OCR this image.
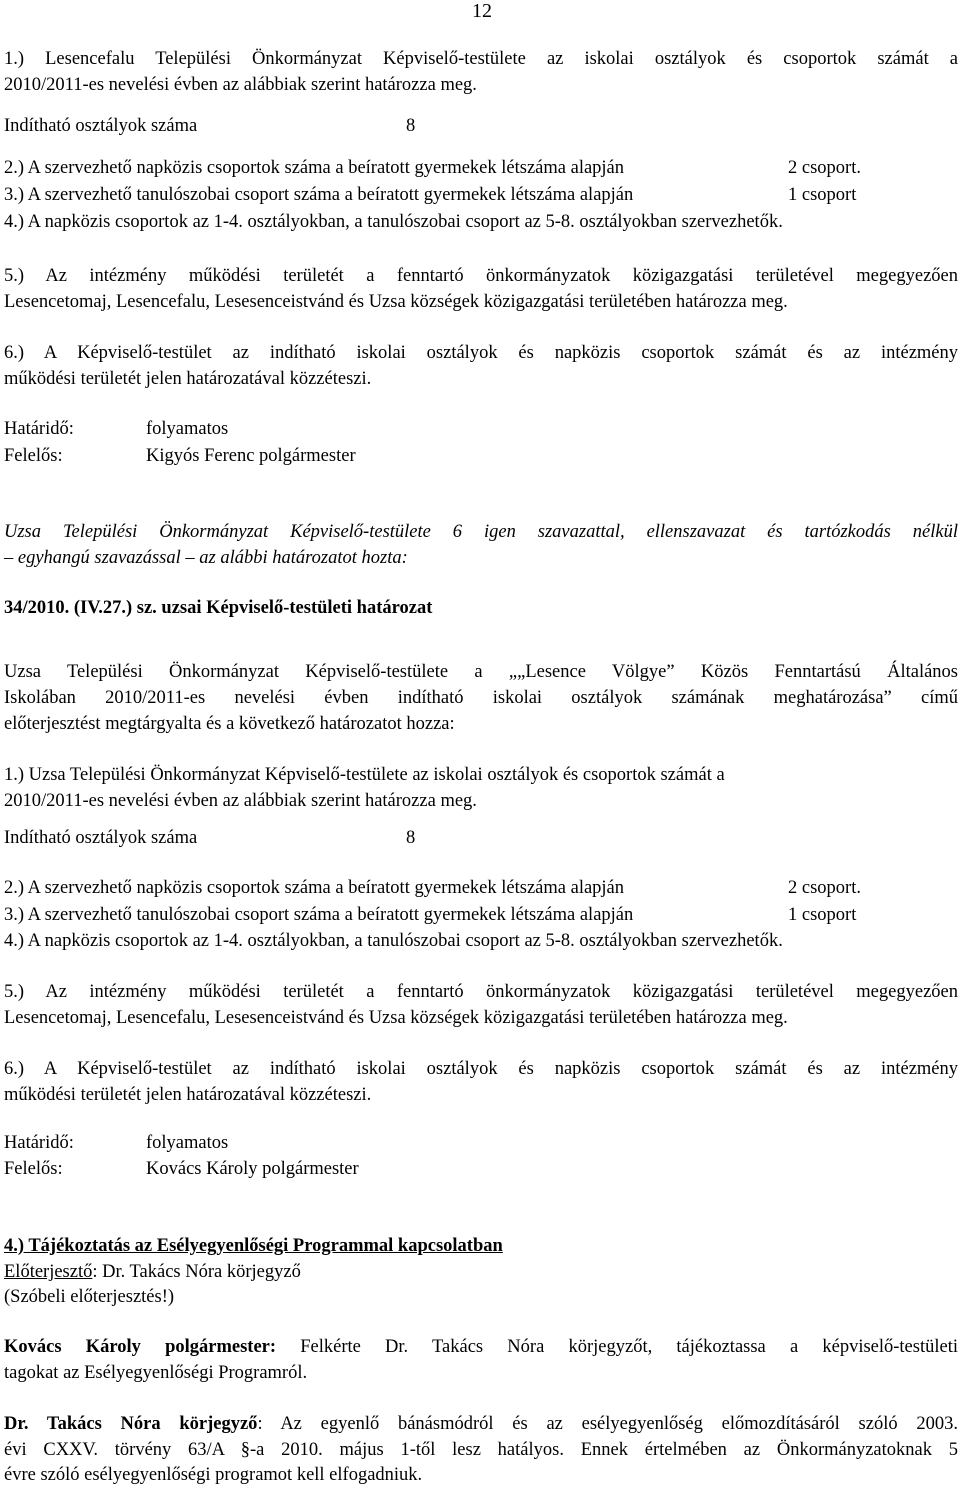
12
1.) Lesencefalu Települési Önkormányzat Képviselő-testülete az iskolai osztályok és csoportok számát a
2010/2011-es nevelési évben az alábbiak szerint határozza meg.
Indítható osztályok száma	8
2.) A szervezhető napközis csoportok száma a beíratott gyermekek létszáma alapján	2 csoport.
3.) A szervezhető tanulószobai csoport száma a beíratott gyermekek létszáma alapján	1 csoport
4.) A napközis csoportok az 1-4. osztályokban, a tanulószobai csoport az 5-8. osztályokban szervezhetők.
5.) Az intézmény működési területét a fenntartó önkormányzatok közigazgatási területével megegyezően
Lesencetomaj, Lesencefalu, Lesesenceistvánd és Uzsa községek közigazgatási területében határozza meg.
6.) A Képviselő-testület az indítható iskolai osztályok és napközis csoportok számát és az intézmény
működési területét jelen határozatával közzéteszi.
Határidő:	folyamatos
Felelős:	Kigyós Ferenc polgármester
Uzsa Települési Önkormányzat Képviselő-testülete 6 igen szavazattal, ellenszavazat és tartózkodás nélkül
– egyhangú szavazással – az alábbi határozatot hozta:
34/2010. (IV.27.) sz. uzsai Képviselő-testületi határozat
Uzsa Települési Önkormányzat Képviselő-testülete a „„Lesence Völgye” Közös Fenntartású Általános
Iskolában 2010/2011-es nevelési évben indítható iskolai osztályok számának meghatározása” című
előterjesztést megtárgyalta és a következő határozatot hozza:
1.) Uzsa Települési Önkormányzat Képviselő-testülete az iskolai osztályok és csoportok számát a
2010/2011-es nevelési évben az alábbiak szerint határozza meg.
Indítható osztályok száma	8
2.) A szervezhető napközis csoportok száma a beíratott gyermekek létszáma alapján	2 csoport.
3.) A szervezhető tanulószobai csoport száma a beíratott gyermekek létszáma alapján	1 csoport
4.) A napközis csoportok az 1-4. osztályokban, a tanulószobai csoport az 5-8. osztályokban szervezhetők.
5.) Az intézmény működési területét a fenntartó önkormányzatok közigazgatási területével megegyezően
Lesencetomaj, Lesencefalu, Lesesenceistvánd és Uzsa községek közigazgatási területében határozza meg.
6.) A Képviselő-testület az indítható iskolai osztályok és napközis csoportok számát és az intézmény
működési területét jelen határozatával közzéteszi.
Határidő:	folyamatos
Felelős:	Kovács Károly polgármester
4.) Tájékoztatás az Esélyegyenlőségi Programmal kapcsolatban
Előterjesztő: Dr. Takács Nóra körjegyző
(Szóbeli előterjesztés!)
Kovács Károly polgármester: Felkérte Dr. Takács Nóra körjegyzőt, tájékoztassa a képviselő-testületi
tagokat az Esélyegyenlőségi Programról.
Dr. Takács Nóra körjegyző: Az egyenlő bánásmódról és az esélyegyenlőség előmozdításáról szóló 2003.
évi CXXV. törvény 63/A §-a 2010. május 1-től lesz hatályos. Ennek értelmében az Önkormányzatoknak 5
évre szóló esélyegyenlőségi programot kell elfogadniuk.
